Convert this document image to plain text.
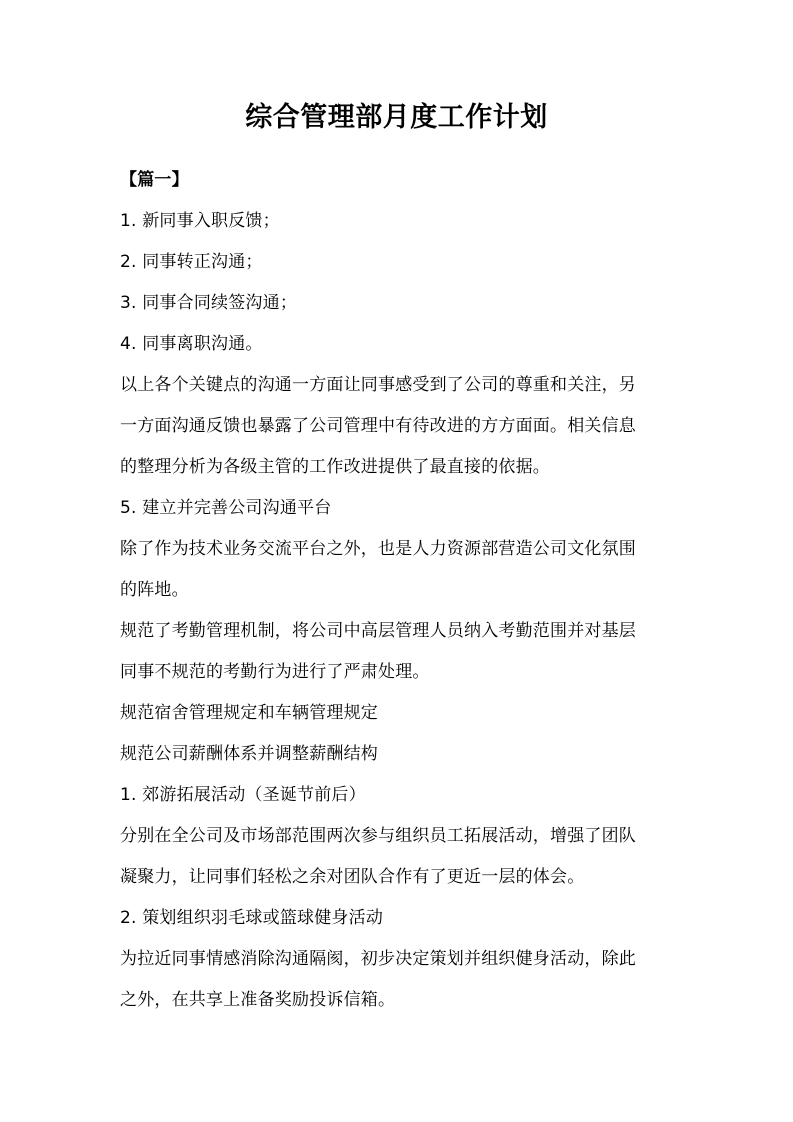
综合管理部月度工作计划

【篇一】

1. 新同事入职反馈；

2. 同事转正沟通；

3. 同事合同续签沟通；

4. 同事离职沟通。

以上各个关键点的沟通一方面让同事感受到了公司的尊重和关注，另

一方面沟通反馈也暴露了公司管理中有待改进的方方面面。相关信息

的整理分析为各级主管的工作改进提供了最直接的依据。

5. 建立并完善公司沟通平台

除了作为技术业务交流平台之外，也是人力资源部营造公司文化氛围

的阵地。

规范了考勤管理机制，将公司中高层管理人员纳入考勤范围并对基层

同事不规范的考勤行为进行了严肃处理。

规范宿舍管理规定和车辆管理规定

规范公司薪酬体系并调整薪酬结构

1. 郊游拓展活动（圣诞节前后）

分别在全公司及市场部范围两次参与组织员工拓展活动，增强了团队

凝聚力，让同事们轻松之余对团队合作有了更近一层的体会。

2. 策划组织羽毛球或篮球健身活动

为拉近同事情感消除沟通隔阂，初步决定策划并组织健身活动，除此

之外，在共享上准备奖励投诉信箱。
